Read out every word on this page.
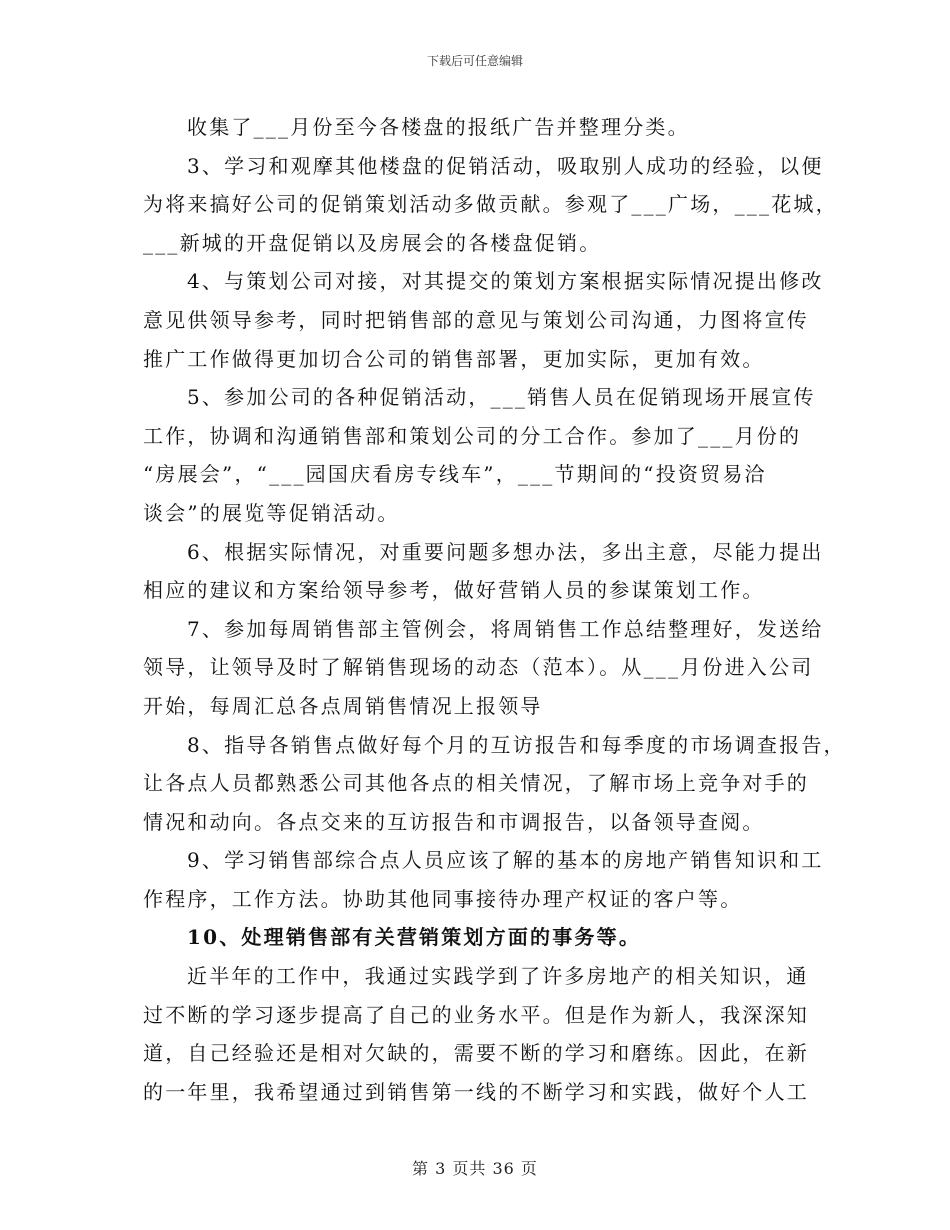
下载后可任意编辑

收集了___月份至今各楼盘的报纸广告并整理分类。

3、学习和观摩其他楼盘的促销活动，吸取别人成功的经验，以便
为将来搞好公司的促销策划活动多做贡献。参观了___广场，___花城，
___新城的开盘促销以及房展会的各楼盘促销。

4、与策划公司对接，对其提交的策划方案根据实际情况提出修改
意见供领导参考，同时把销售部的意见与策划公司沟通，力图将宣传
推广工作做得更加切合公司的销售部署，更加实际，更加有效。

5、参加公司的各种促销活动，___销售人员在促销现场开展宣传
工作，协调和沟通销售部和策划公司的分工合作。参加了___月份的
“房展会”，“___园国庆看房专线车”，___节期间的“投资贸易洽
谈会”的展览等促销活动。

6、根据实际情况，对重要问题多想办法，多出主意，尽能力提出
相应的建议和方案给领导参考，做好营销人员的参谋策划工作。

7、参加每周销售部主管例会，将周销售工作总结整理好，发送给
领导，让领导及时了解销售现场的动态（范本）。从___月份进入公司
开始，每周汇总各点周销售情况上报领导

8、指导各销售点做好每个月的互访报告和每季度的市场调查报告，
让各点人员都熟悉公司其他各点的相关情况，了解市场上竞争对手的
情况和动向。各点交来的互访报告和市调报告，以备领导查阅。

9、学习销售部综合点人员应该了解的基本的房地产销售知识和工
作程序，工作方法。协助其他同事接待办理产权证的客户等。

10、处理销售部有关营销策划方面的事务等。

近半年的工作中，我通过实践学到了许多房地产的相关知识，通
过不断的学习逐步提高了自己的业务水平。但是作为新人，我深深知
道，自己经验还是相对欠缺的，需要不断的学习和磨练。因此，在新
的一年里，我希望通过到销售第一线的不断学习和实践，做好个人工

第 3 页共 36 页
